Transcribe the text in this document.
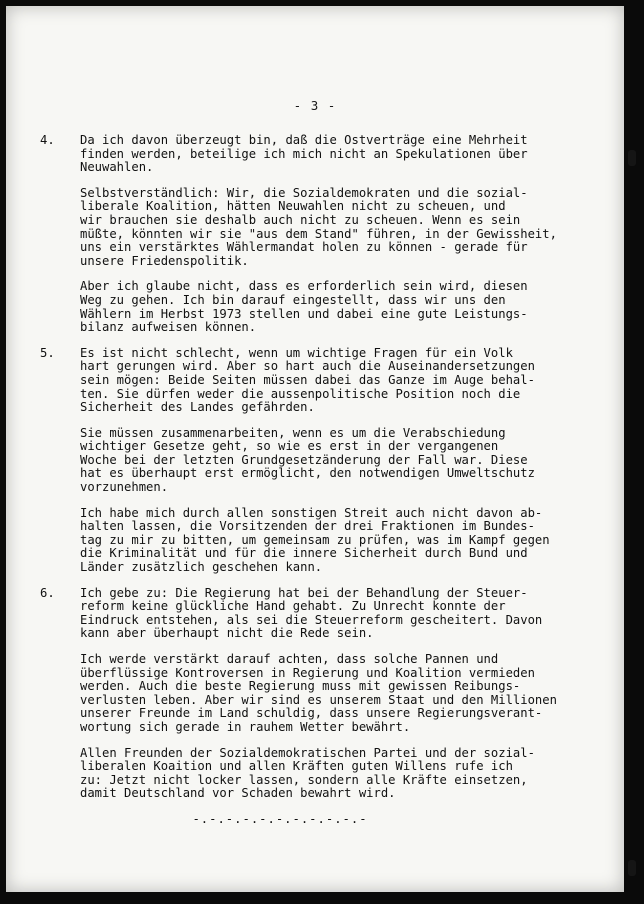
- 3 -
4.	Da ich davon überzeugt bin, daß die Ostverträge eine Mehrheit
finden werden, beteilige ich mich nicht an Spekulationen über
Neuwahlen.

Selbstverständlich: Wir, die Sozialdemokraten und die sozial-
liberale Koalition, hätten Neuwahlen nicht zu scheuen, und
wir brauchen sie deshalb auch nicht zu scheuen. Wenn es sein
müßte, könnten wir sie "aus dem Stand" führen, in der Gewissheit,
uns ein verstärktes Wählermandat holen zu können - gerade für
unsere Friedenspolitik.

Aber ich glaube nicht, dass es erforderlich sein wird, diesen
Weg zu gehen. Ich bin darauf eingestellt, dass wir uns den
Wählern im Herbst 1973 stellen und dabei eine gute Leistungs-
bilanz aufweisen können.

5.	Es ist nicht schlecht, wenn um wichtige Fragen für ein Volk
hart gerungen wird. Aber so hart auch die Auseinandersetzungen
sein mögen: Beide Seiten müssen dabei das Ganze im Auge behal-
ten. Sie dürfen weder die aussenpolitische Position noch die
Sicherheit des Landes gefährden.

Sie müssen zusammenarbeiten, wenn es um die Verabschiedung
wichtiger Gesetze geht, so wie es erst in der vergangenen
Woche bei der letzten Grundgesetzänderung der Fall war. Diese
hat es überhaupt erst ermöglicht, den notwendigen Umweltschutz
vorzunehmen.

Ich habe mich durch allen sonstigen Streit auch nicht davon ab-
halten lassen, die Vorsitzenden der drei Fraktionen im Bundes-
tag zu mir zu bitten, um gemeinsam zu prüfen, was im Kampf gegen
die Kriminalität und für die innere Sicherheit durch Bund und
Länder zusätzlich geschehen kann.

6.	Ich gebe zu: Die Regierung hat bei der Behandlung der Steuer-
reform keine glückliche Hand gehabt. Zu Unrecht konnte der
Eindruck entstehen, als sei die Steuerreform gescheitert. Davon
kann aber überhaupt nicht die Rede sein.

Ich werde verstärkt darauf achten, dass solche Pannen und
überflüssige Kontroversen in Regierung und Koalition vermieden
werden. Auch die beste Regierung muss mit gewissen Reibungs-
verlusten leben. Aber wir sind es unserem Staat und den Millionen
unserer Freunde im Land schuldig, dass unsere Regierungsverant-
wortung sich gerade in rauhem Wetter bewährt.

Allen Freunden der Sozialdemokratischen Partei und der sozial-
liberalen Koaition und allen Kräften guten Willens rufe ich
zu: Jetzt nicht locker lassen, sondern alle Kräfte einsetzen,
damit Deutschland vor Schaden bewahrt wird.

-.-.-.-.-.-.-.-.-.-.-
